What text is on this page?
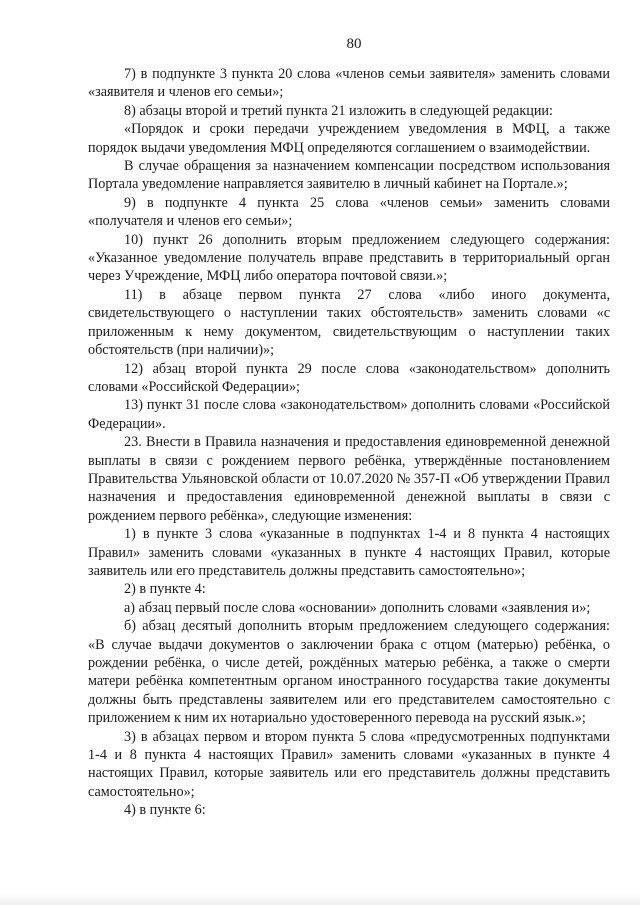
80

7) в подпункте 3 пункта 20 слова «членов семьи заявителя» заменить словами «заявителя и членов его семьи»;

8) абзацы второй и третий пункта 21 изложить в следующей редакции:

«Порядок и сроки передачи учреждением уведомления в МФЦ, а также порядок выдачи уведомления МФЦ определяются соглашением о взаимодействии.

В случае обращения за назначением компенсации посредством использования Портала уведомление направляется заявителю в личный кабинет на Портале.»;

9) в подпункте 4 пункта 25 слова «членов семьи» заменить словами «получателя и членов его семьи»;

10) пункт 26 дополнить вторым предложением следующего содержания: «Указанное уведомление получатель вправе представить в территориальный орган через Учреждение, МФЦ либо оператора почтовой связи.»;

11) в абзаце первом пункта 27 слова «либо иного документа, свидетельствующего о наступлении таких обстоятельств» заменить словами «с приложенным к нему документом, свидетельствующим о наступлении таких обстоятельств (при наличии)»;

12) абзац второй пункта 29 после слова «законодательством» дополнить словами «Российской Федерации»;

13) пункт 31 после слова «законодательством» дополнить словами «Российской Федерации».

23. Внести в Правила назначения и предоставления единовременной денежной выплаты в связи с рождением первого ребёнка, утверждённые постановлением Правительства Ульяновской области от 10.07.2020 № 357-П «Об утверждении Правил назначения и предоставления единовременной денежной выплаты в связи с рождением первого ребёнка», следующие изменения:

1) в пункте 3 слова «указанные в подпунктах 1-4 и 8 пункта 4 настоящих Правил» заменить словами «указанных в пункте 4 настоящих Правил, которые заявитель или его представитель должны представить самостоятельно»;

2) в пункте 4:

а) абзац первый после слова «основании» дополнить словами «заявления и»;

б) абзац десятый дополнить вторым предложением следующего содержания: «В случае выдачи документов о заключении брака с отцом (матерью) ребёнка, о рождении ребёнка, о числе детей, рождённых матерью ребёнка, а также о смерти матери ребёнка компетентным органом иностранного государства такие документы должны быть представлены заявителем или его представителем самостоятельно с приложением к ним их нотариально удостоверенного перевода на русский язык.»;

3) в абзацах первом и втором пункта 5 слова «предусмотренных подпунктами 1-4 и 8 пункта 4 настоящих Правил» заменить словами «указанных в пункте 4 настоящих Правил, которые заявитель или его представитель должны представить самостоятельно»;

4) в пункте 6:
